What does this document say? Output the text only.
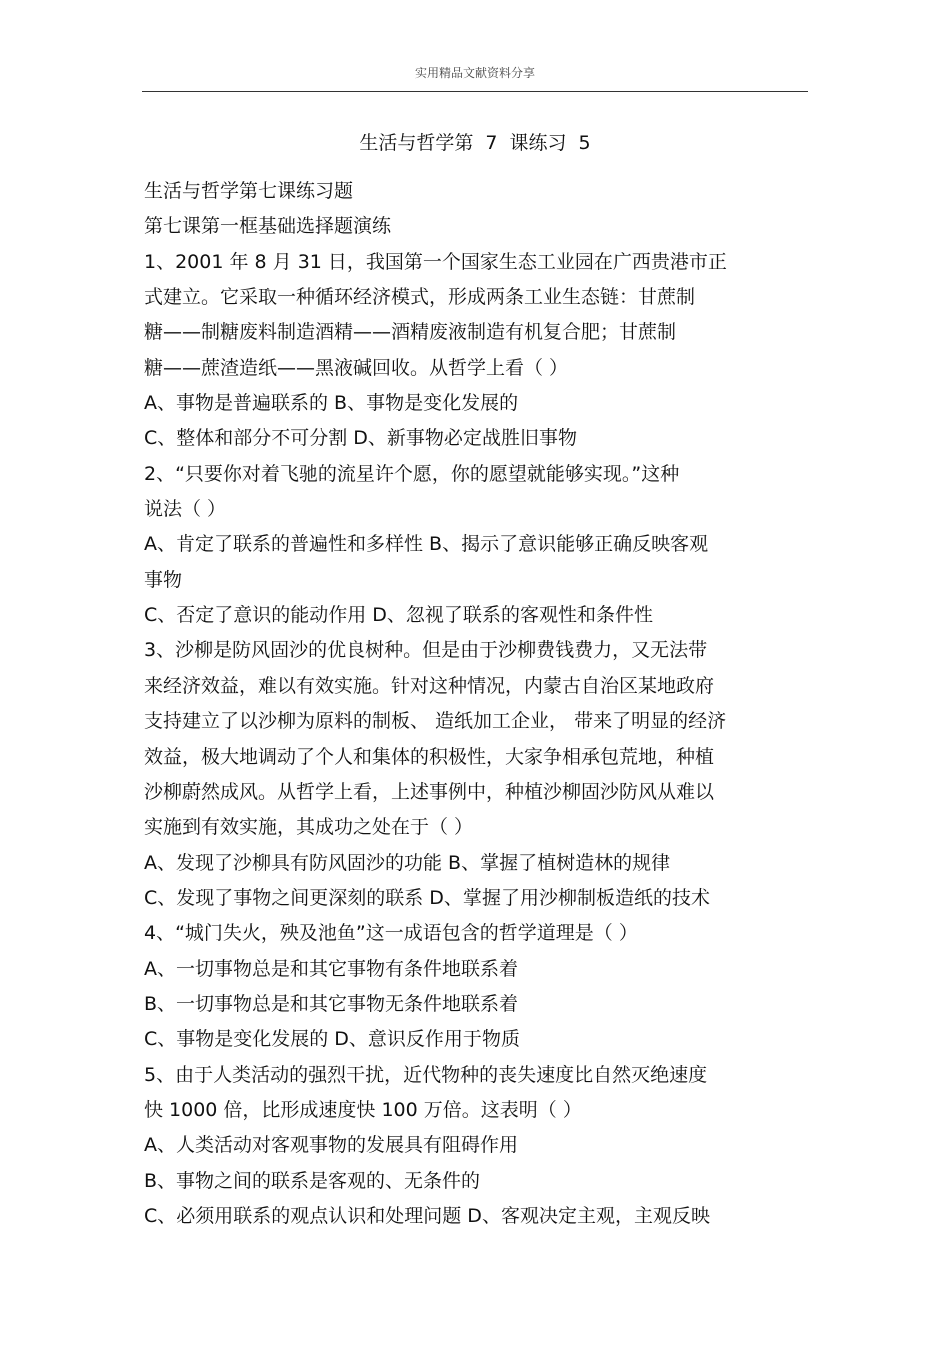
实用精品文献资料分享
生活与哲学第 7 课练习 5
生活与哲学第七课练习题
第七课第一框基础选择题演练
1、2001 年 8 月 31 日，我国第一个国家生态工业园在广西贵港市正
式建立。它采取一种循环经济模式，形成两条工业生态链：甘蔗制
糖——制糖废料制造酒精——酒精废液制造有机复合肥；甘蔗制
糖——蔗渣造纸——黑液碱回收。从哲学上看（ ）
A、事物是普遍联系的 B、事物是变化发展的
C、整体和部分不可分割 D、新事物必定战胜旧事物
2、“只要你对着飞驰的流星许个愿，你的愿望就能够实现。”这种
说法（ ）
A、肯定了联系的普遍性和多样性 B、揭示了意识能够正确反映客观
事物
C、否定了意识的能动作用 D、忽视了联系的客观性和条件性
3、沙柳是防风固沙的优良树种。但是由于沙柳费钱费力，又无法带
来经济效益，难以有效实施。针对这种情况，内蒙古自治区某地政府
支持建立了以沙柳为原料的制板、 造纸加工企业， 带来了明显的经济
效益，极大地调动了个人和集体的积极性，大家争相承包荒地，种植
沙柳蔚然成风。从哲学上看，上述事例中，种植沙柳固沙防风从难以
实施到有效实施，其成功之处在于（ ）
A、发现了沙柳具有防风固沙的功能 B、掌握了植树造林的规律
C、发现了事物之间更深刻的联系 D、掌握了用沙柳制板造纸的技术
4、“城门失火，殃及池鱼”这一成语包含的哲学道理是（ ）
A、一切事物总是和其它事物有条件地联系着
B、一切事物总是和其它事物无条件地联系着
C、事物是变化发展的 D、意识反作用于物质
5、由于人类活动的强烈干扰，近代物种的丧失速度比自然灭绝速度
快 1000 倍，比形成速度快 100 万倍。这表明（ ）
A、人类活动对客观事物的发展具有阻碍作用
B、事物之间的联系是客观的、无条件的
C、必须用联系的观点认识和处理问题 D、客观决定主观，主观反映
